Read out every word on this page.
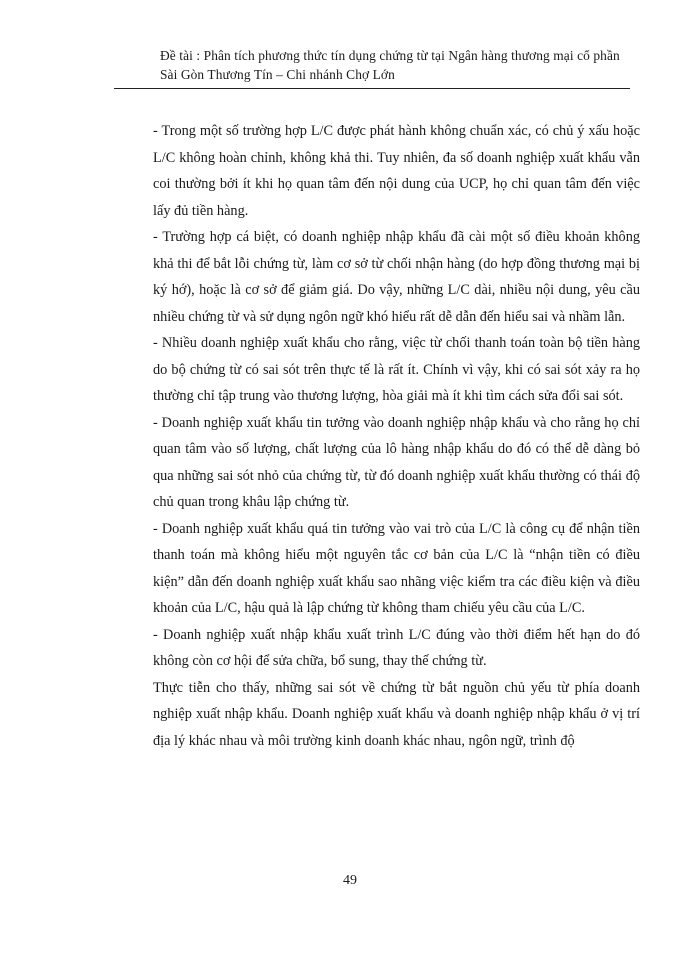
Đề tài : Phân tích phương thức tín dụng chứng từ tại Ngân hàng thương mại cổ phần
Sài Gòn Thương Tín – Chi nhánh Chợ Lớn

- Trong một số trường hợp L/C được phát hành không chuẩn xác, có chủ ý xấu hoặc L/C không hoàn chỉnh, không khả thi. Tuy nhiên, đa số doanh nghiệp xuất khẩu vẫn coi thường bởi ít khi họ quan tâm đến nội dung của UCP, họ chỉ quan tâm đến việc lấy đủ tiền hàng.

- Trường hợp cá biệt, có doanh nghiệp nhập khẩu đã cài một số điều khoản không khả thi để bắt lỗi chứng từ, làm cơ sở từ chối nhận hàng (do hợp đồng thương mại bị ký hớ), hoặc là cơ sở để giảm giá. Do vậy, những L/C dài, nhiều nội dung, yêu cầu nhiều chứng từ và sử dụng ngôn ngữ khó hiểu rất dễ dẫn đến hiểu sai và nhầm lẫn.

- Nhiều doanh nghiệp xuất khẩu cho rằng, việc từ chối thanh toán toàn bộ tiền hàng do bộ chứng từ có sai sót trên thực tế là rất ít. Chính vì vậy, khi có sai sót xảy ra họ thường chỉ tập trung vào thương lượng, hòa giải mà ít khi tìm cách sửa đổi sai sót.

- Doanh nghiệp xuất khẩu tin tưởng vào doanh nghiệp nhập khẩu và cho rằng họ chỉ quan tâm vào số lượng, chất lượng của lô hàng nhập khẩu do đó có thể dễ dàng bỏ qua những sai sót nhỏ của chứng từ, từ đó doanh nghiệp xuất khẩu thường có thái độ chủ quan trong khâu lập chứng từ.

- Doanh nghiệp xuất khẩu quá tin tưởng vào vai trò của L/C là công cụ để nhận tiền thanh toán mà không hiểu một nguyên tắc cơ bản của L/C là “nhận tiền có điều kiện” dẫn đến doanh nghiệp xuất khẩu sao nhãng việc kiểm tra các điều kiện và điều khoản của L/C, hậu quả là lập chứng từ không tham chiếu yêu cầu của L/C.

- Doanh nghiệp xuất nhập khẩu xuất trình L/C đúng vào thời điểm hết hạn do đó không còn cơ hội để sửa chữa, bổ sung, thay thế chứng từ.

Thực tiễn cho thấy, những sai sót về chứng từ bắt nguồn chủ yếu từ phía doanh nghiệp xuất nhập khẩu. Doanh nghiệp xuất khẩu và doanh nghiệp nhập khẩu ở vị trí địa lý khác nhau và môi trường kinh doanh khác nhau, ngôn ngữ, trình độ

49
